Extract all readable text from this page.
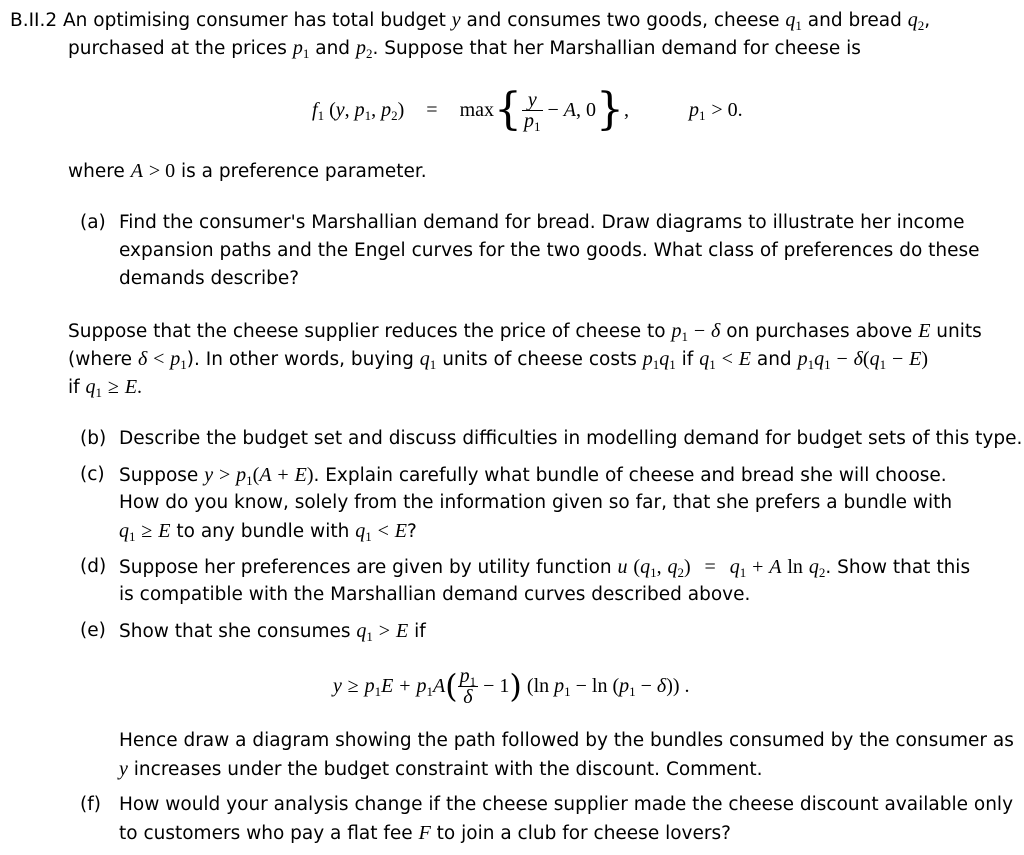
B.II.2 An optimising consumer has total budget y and consumes two goods, cheese $q_1$ and bread $q_2$,
purchased at the prices $p_1$ and $p_2$. Suppose that her Marshallian demand for cheese is
f $_1$ ( y , $p_1$ , $p_2$ ) = max { $\frac{y}{p_1} - A$ , 0 } ,	$p_1$
> 0.
where A > 0 is a preference parameter.
(a) Find the consumer's Marshallian demand for bread. Draw diagrams to illustrate her income
expansion paths and the Engel curves for the two goods. What class of preferences do these
demands describe?
Suppose that the cheese supplier reduces the price of cheese to $p_1 - \delta$ on purchases above E units
(where $\delta < p_1$). In other words, buying $q_1$ units of cheese costs $p_1q_1$ if $q_1 < E$ and $p_1q_1 - \delta(q_1 - E)$
if $q_1 \ge E$.
(b) Describe the budget set and discuss difficulties in modelling demand for budget sets of this type.
(c) Suppose $y > p_1(A + E)$. Explain carefully what bundle of cheese and bread she will choose.
How do you know, solely from the information given so far, that she prefers a bundle with
$q_1 \ge E$ to any bundle with $q_1 < E$?
(d) Suppose her preferences are given by utility function u ($q_1$, $q_2) = q_1 + A$ $\ln q_2$. Show that this
is compatible with the Marshallian demand curves described above.
(e) Show that she consumes $q_1 > E$ if
y
≥
$p_1E$
+
$p_1A$ ( $\frac{p_1}{\delta} - 1$ ) (ln $p_1 - \ln$ ( $p_1 - \delta$ )) .
Hence draw a diagram showing the path followed by the bundles consumed by the consumer as
y increases under the budget constraint with the discount. Comment.
(f) How would your analysis change if the cheese supplier made the cheese discount available only
to customers who pay a flat fee F to join a club for cheese lovers?
